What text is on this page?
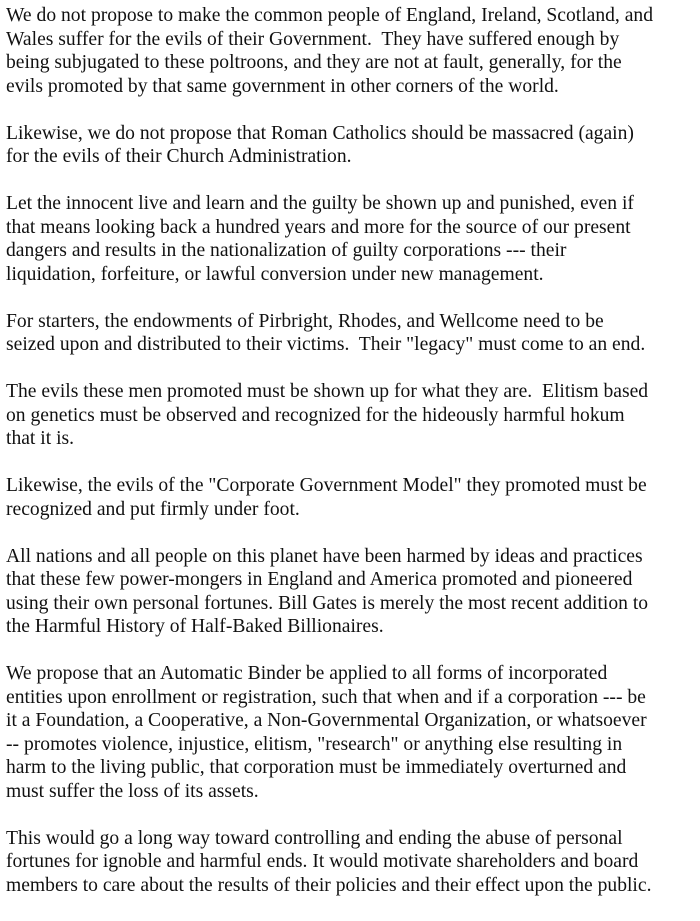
We do not propose to make the common people of England, Ireland, Scotland, and
Wales suffer for the evils of their Government.  They have suffered enough by
being subjugated to these poltroons, and they are not at fault, generally, for the
evils promoted by that same government in other corners of the world.

Likewise, we do not propose that Roman Catholics should be massacred (again)
for the evils of their Church Administration.

Let the innocent live and learn and the guilty be shown up and punished, even if
that means looking back a hundred years and more for the source of our present
dangers and results in the nationalization of guilty corporations --- their
liquidation, forfeiture, or lawful conversion under new management.

For starters, the endowments of Pirbright, Rhodes, and Wellcome need to be
seized upon and distributed to their victims.  Their "legacy" must come to an end.

The evils these men promoted must be shown up for what they are.  Elitism based
on genetics must be observed and recognized for the hideously harmful hokum
that it is.

Likewise, the evils of the "Corporate Government Model" they promoted must be
recognized and put firmly under foot.

All nations and all people on this planet have been harmed by ideas and practices
that these few power-mongers in England and America promoted and pioneered
using their own personal fortunes. Bill Gates is merely the most recent addition to
the Harmful History of Half-Baked Billionaires.

We propose that an Automatic Binder be applied to all forms of incorporated
entities upon enrollment or registration, such that when and if a corporation --- be
it a Foundation, a Cooperative, a Non-Governmental Organization, or whatsoever
-- promotes violence, injustice, elitism, "research" or anything else resulting in
harm to the living public, that corporation must be immediately overturned and
must suffer the loss of its assets.

This would go a long way toward controlling and ending the abuse of personal
fortunes for ignoble and harmful ends. It would motivate shareholders and board
members to care about the results of their policies and their effect upon the public.
